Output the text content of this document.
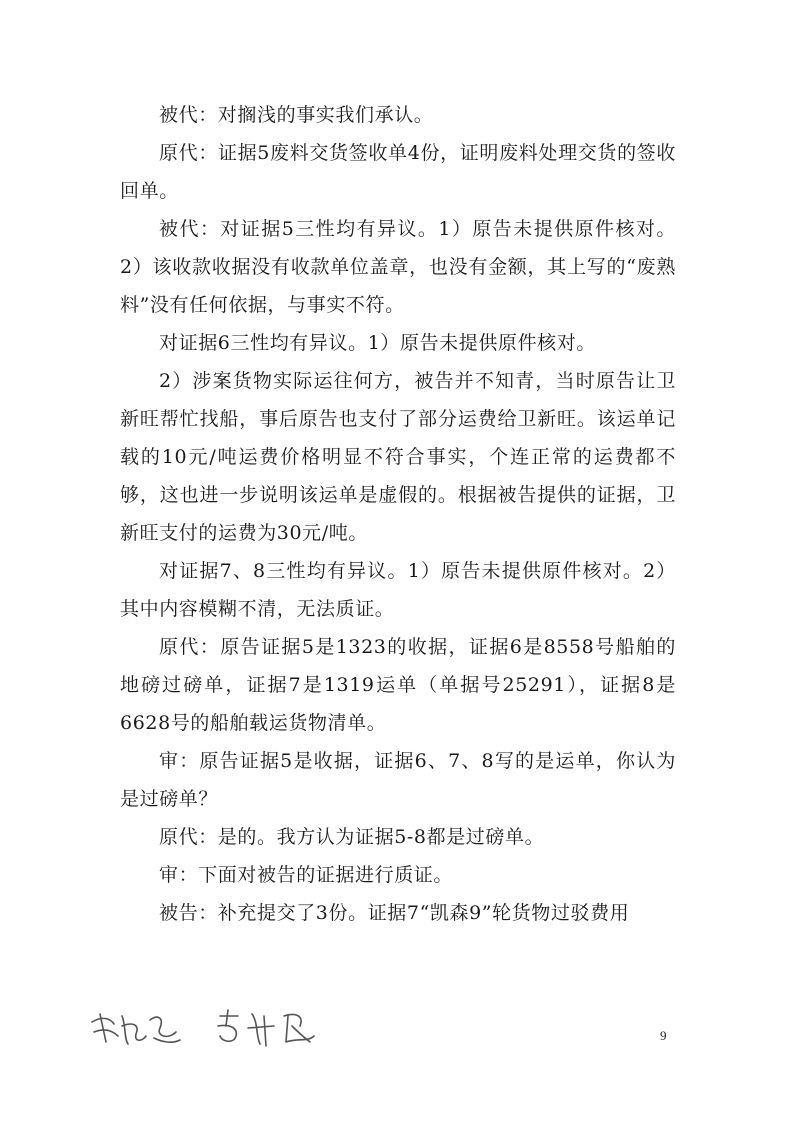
被代：对搁浅的事实我们承认。

原代：证据5废料交货签收单4份，证明废料处理交货的签收回单。

被代：对证据5三性均有异议。1）原告未提供原件核对。2）该收款收据没有收款单位盖章，也没有金额，其上写的“废熟料”没有任何依据，与事实不符。

对证据6三性均有异议。1）原告未提供原件核对。

2）涉案货物实际运往何方，被告并不知青，当时原告让卫新旺帮忙找船，事后原告也支付了部分运费给卫新旺。该运单记载的10元/吨运费价格明显不符合事实，个连正常的运费都不够，这也进一步说明该运单是虚假的。根据被告提供的证据，卫新旺支付的运费为30元/吨。

对证据7、8三性均有异议。1）原告未提供原件核对。2）其中内容模糊不清，无法质证。

原代：原告证据5是1323的收据，证据6是8558号船舶的地磅过磅单，证据7是1319运单（单据号25291），证据8是6628号的船舶载运货物清单。

审：原告证据5是收据，证据6、7、8写的是运单，你认为是过磅单？

原代：是的。我方认为证据5-8都是过磅单。

审：下面对被告的证据进行质证。

被告：补充提交了3份。证据7“凯森9”轮货物过驳费用

9
